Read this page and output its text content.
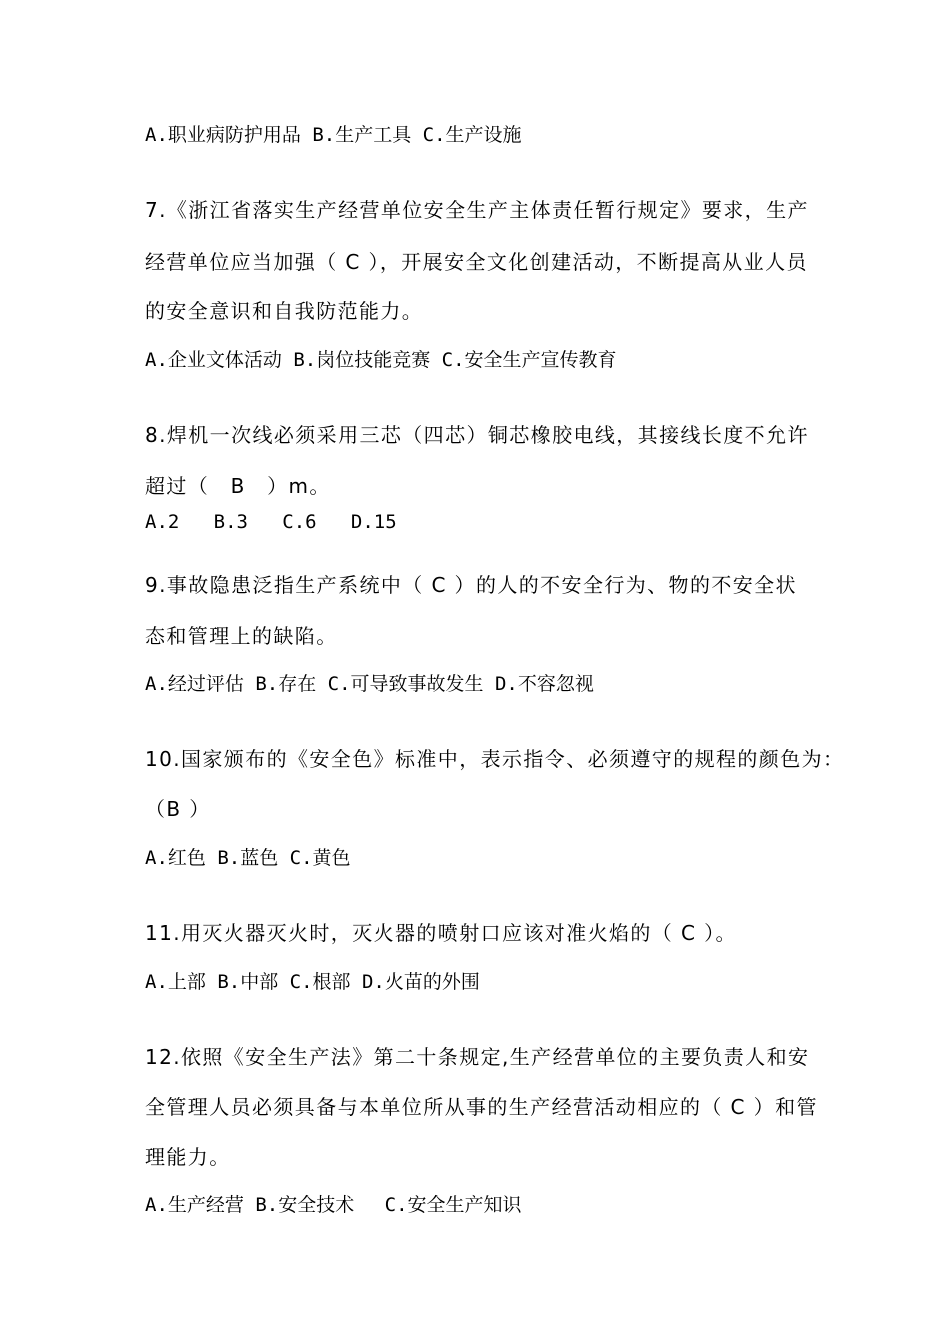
A.职业病防护用品 B.生产工具 C.生产设施

7.《浙江省落实生产经营单位安全生产主体责任暂行规定》要求，生产

经营单位应当加强（ C ），开展安全文化创建活动，不断提高从业人员

的安全意识和自我防范能力。

A.企业文体活动 B.岗位技能竞赛 C.安全生产宣传教育

8.焊机一次线必须采用三芯（四芯）铜芯橡胶电线，其接线长度不允许

超过（　B　）m。

A.2   B.3   C.6   D.15

9.事故隐患泛指生产系统中（ C ）的人的不安全行为、物的不安全状

态和管理上的缺陷。

A.经过评估 B.存在 C.可导致事故发生 D.不容忽视

10.国家颁布的《安全色》标准中，表示指令、必须遵守的规程的颜色为：

（B ）

A.红色 B.蓝色 C.黄色

11.用灭火器灭火时，灭火器的喷射口应该对准火焰的（ C ）。

A.上部 B.中部 C.根部 D.火苗的外围

12.依照《安全生产法》第二十条规定,生产经营单位的主要负责人和安

全管理人员必须具备与本单位所从事的生产经营活动相应的（ C ）和管

理能力。

A.生产经营 B.安全技术　 C.安全生产知识
